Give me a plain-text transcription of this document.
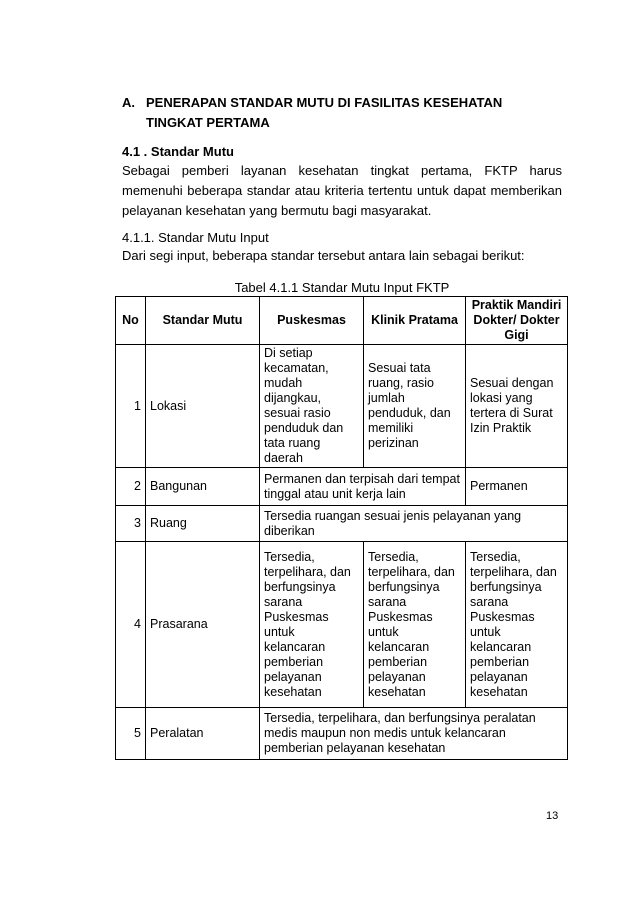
A. PENERAPAN STANDAR MUTU DI FASILITAS KESEHATAN TINGKAT PERTAMA
4.1 . Standar Mutu
Sebagai pemberi layanan kesehatan tingkat pertama, FKTP harus memenuhi beberapa standar atau kriteria tertentu untuk dapat memberikan pelayanan kesehatan yang bermutu bagi masyarakat.
4.1.1. Standar Mutu Input
Dari segi input, beberapa standar tersebut antara lain sebagai berikut:
Tabel 4.1.1 Standar Mutu Input FKTP
No	Standar Mutu	Puskesmas	Klinik Pratama	Praktik Mandiri Dokter/ Dokter Gigi
1	Lokasi	Di setiap kecamatan, mudah dijangkau, sesuai rasio penduduk dan tata ruang daerah	Sesuai tata ruang, rasio jumlah penduduk, dan memiliki perizinan	Sesuai dengan lokasi yang tertera di Surat Izin Praktik
2	Bangunan	Permanen dan terpisah dari tempat tinggal atau unit kerja lain		Permanen
3	Ruang	Tersedia ruangan sesuai jenis pelayanan yang diberikan		
4	Prasarana	Tersedia, terpelihara, dan berfungsinya sarana Puskesmas untuk kelancaran pemberian pelayanan kesehatan	Tersedia, terpelihara, dan berfungsinya sarana Puskesmas untuk kelancaran pemberian pelayanan kesehatan	Tersedia, terpelihara, dan berfungsinya sarana Puskesmas untuk kelancaran pemberian pelayanan kesehatan
5	Peralatan	Tersedia, terpelihara, dan berfungsinya peralatan medis maupun non medis untuk kelancaran pemberian pelayanan kesehatan		
13
